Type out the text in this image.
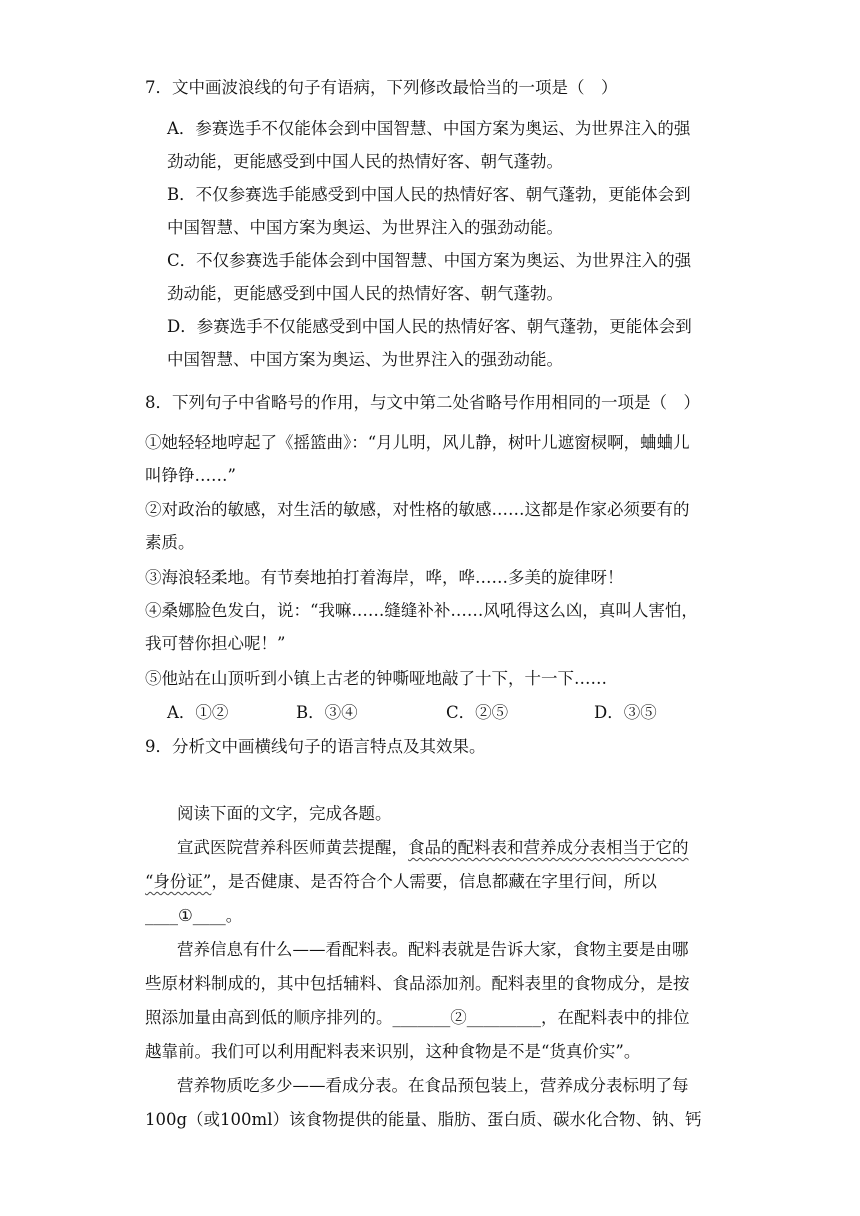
7．文中画波浪线的句子有语病，下列修改最恰当的一项是（　）
A．参赛选手不仅能体会到中国智慧、中国方案为奥运、为世界注入的强
劲动能，更能感受到中国人民的热情好客、朝气蓬勃。
B．不仅参赛选手能感受到中国人民的热情好客、朝气蓬勃，更能体会到
中国智慧、中国方案为奥运、为世界注入的强劲动能。
C．不仅参赛选手能体会到中国智慧、中国方案为奥运、为世界注入的强
劲动能，更能感受到中国人民的热情好客、朝气蓬勃。
D．参赛选手不仅能感受到中国人民的热情好客、朝气蓬勃，更能体会到
中国智慧、中国方案为奥运、为世界注入的强劲动能。
8．下列句子中省略号的作用，与文中第二处省略号作用相同的一项是（　）
①她轻轻地哼起了《摇篮曲》：“月儿明，风儿静，树叶儿遮窗棂啊，蛐蛐儿
叫铮铮……”
②对政治的敏感，对生活的敏感，对性格的敏感……这都是作家必须要有的
素质。
③海浪轻柔地。有节奏地拍打着海岸，哗，哗……多美的旋律呀！
④桑娜脸色发白，说：“我嘛……缝缝补补……风吼得这么凶，真叫人害怕，
我可替你担心呢！”
⑤他站在山顶听到小镇上古老的钟嘶哑地敲了十下，十一下……
A．①②	B．③④	C．②⑤	D．③⑤
9．分析文中画横线句子的语言特点及其效果。
阅读下面的文字，完成各题。
宣武医院营养科医师黄芸提醒，食品的配料表和营养成分表相当于它的
“身份证”，是否健康、是否符合个人需要，信息都藏在字里行间，所以
____①____。
营养信息有什么——看配料表。配料表就是告诉大家，食物主要是由哪
些原材料制成的，其中包括辅料、食品添加剂。配料表里的食物成分，是按
照添加量由高到低的顺序排列的。_______②_________，在配料表中的排位
越靠前。我们可以利用配料表来识别，这种食物是不是“货真价实”。
营养物质吃多少——看成分表。在食品预包装上，营养成分表标明了每
100g（或100ml）该食物提供的能量、脂肪、蛋白质、碳水化合物、钠、钙
